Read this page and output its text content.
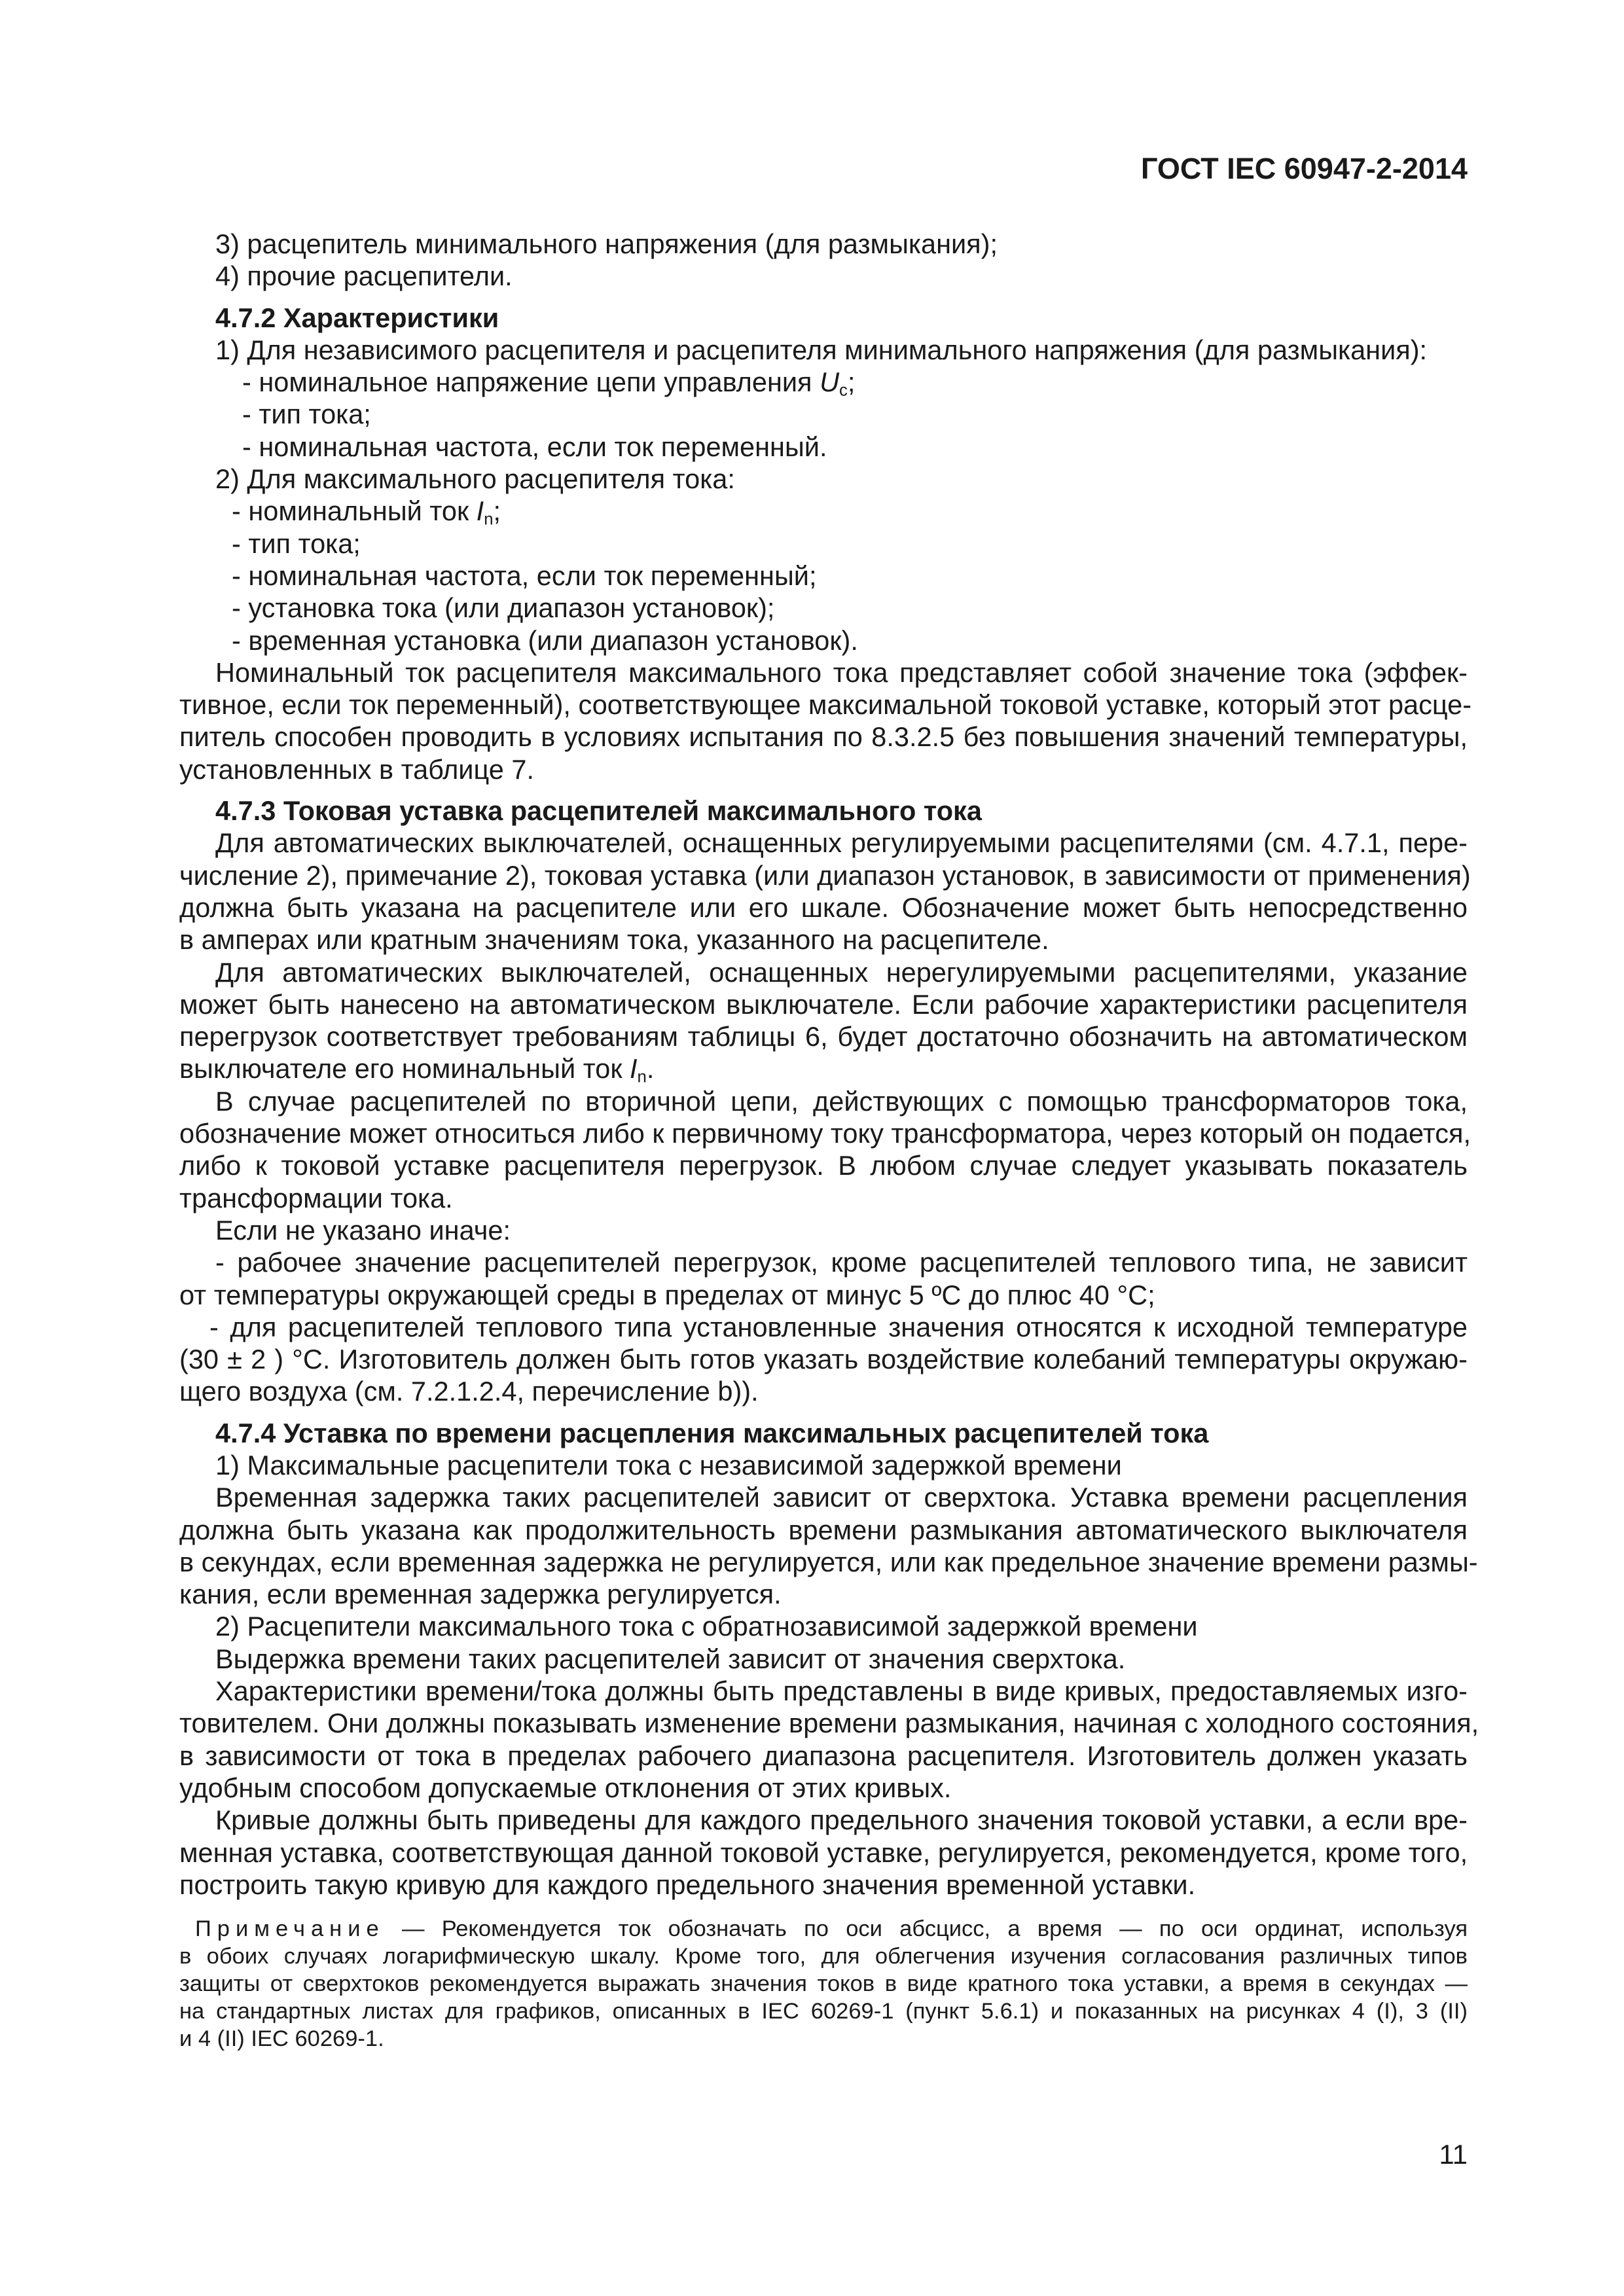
ГОСТ IEC 60947-2-2014
3) расцепитель минимального напряжения (для размыкания);
4) прочие расцепители.
4.7.2 Характеристики
1) Для независимого расцепителя и расцепителя минимального напряжения (для размыкания):
- номинальное напряжение цепи управления $U_c$;
- тип тока;
- номинальная частота, если ток переменный.
2) Для максимального расцепителя тока:
- номинальный ток $I_n$;
- тип тока;
- номинальная частота, если ток переменный;
- установка тока (или диапазон установок);
- временная установка (или диапазон установок).
Номинальный ток расцепителя максимального тока представляет собой значение тока (эффек-
тивное, если ток переменный), соответствующее максимальной токовой уставке, который этот расце-
питель способен проводить в условиях испытания по 8.3.2.5 без повышения значений температуры,
установленных в таблице 7.
4.7.3 Токовая уставка расцепителей максимального тока
Для автоматических выключателей, оснащенных регулируемыми расцепителями (см. 4.7.1, пере-
числение 2), примечание 2), токовая уставка (или диапазон установок, в зависимости от применения)
должна быть указана на расцепителе или его шкале. Обозначение может быть непосредственно
в амперах или кратным значениям тока, указанного на расцепителе.
Для автоматических выключателей, оснащенных нерегулируемыми расцепителями, указание
может быть нанесено на автоматическом выключателе. Если рабочие характеристики расцепителя
перегрузок соответствует требованиям таблицы 6, будет достаточно обозначить на автоматическом
выключателе его номинальный ток $I_n$.
В случае расцепителей по вторичной цепи, действующих с помощью трансформаторов тока,
обозначение может относиться либо к первичному току трансформатора, через который он подается,
либо к токовой уставке расцепителя перегрузок. В любом случае следует указывать показатель
трансформации тока.
Если не указано иначе:
- рабочее значение расцепителей перегрузок, кроме расцепителей теплового типа, не зависит
от температуры окружающей среды в пределах от минус 5 ºС до плюс 40 °С;
- для расцепителей теплового типа установленные значения относятся к исходной температуре
(30 ± 2 ) °С. Изготовитель должен быть готов указать воздействие колебаний температуры окружаю-
щего воздуха (см. 7.2.1.2.4, перечисление b)).
4.7.4 Уставка по времени расцепления максимальных расцепителей тока
1) Максимальные расцепители тока с независимой задержкой времени
Временная задержка таких расцепителей зависит от сверхтока. Уставка времени расцепления
должна быть указана как продолжительность времени размыкания автоматического выключателя
в секундах, если временная задержка не регулируется, или как предельное значение времени размы-
кания, если временная задержка регулируется.
2) Расцепители максимального тока с обратнозависимой задержкой времени
Выдержка времени таких расцепителей зависит от значения сверхтока.
Характеристики времени/тока должны быть представлены в виде кривых, предоставляемых изго-
товителем. Они должны показывать изменение времени размыкания, начиная с холодного состояния,
в зависимости от тока в пределах рабочего диапазона расцепителя. Изготовитель должен указать
удобным способом допускаемые отклонения от этих кривых.
Кривые должны быть приведены для каждого предельного значения токовой уставки, а если вре-
менная уставка, соответствующая данной токовой уставке, регулируется, рекомендуется, кроме того,
построить такую кривую для каждого предельного значения временной уставки.
Примечание — Рекомендуется ток обозначать по оси абсцисс, а время — по оси ординат, используя
в обоих случаях логарифмическую шкалу. Кроме того, для облегчения изучения согласования различных типов
защиты от сверхтоков рекомендуется выражать значения токов в виде кратного тока уставки, а время в секундах —
на стандартных листах для графиков, описанных в IEC 60269-1 (пункт 5.6.1) и показанных на рисунках 4 (I), 3 (II)
и 4 (II) IEC 60269-1.
11
